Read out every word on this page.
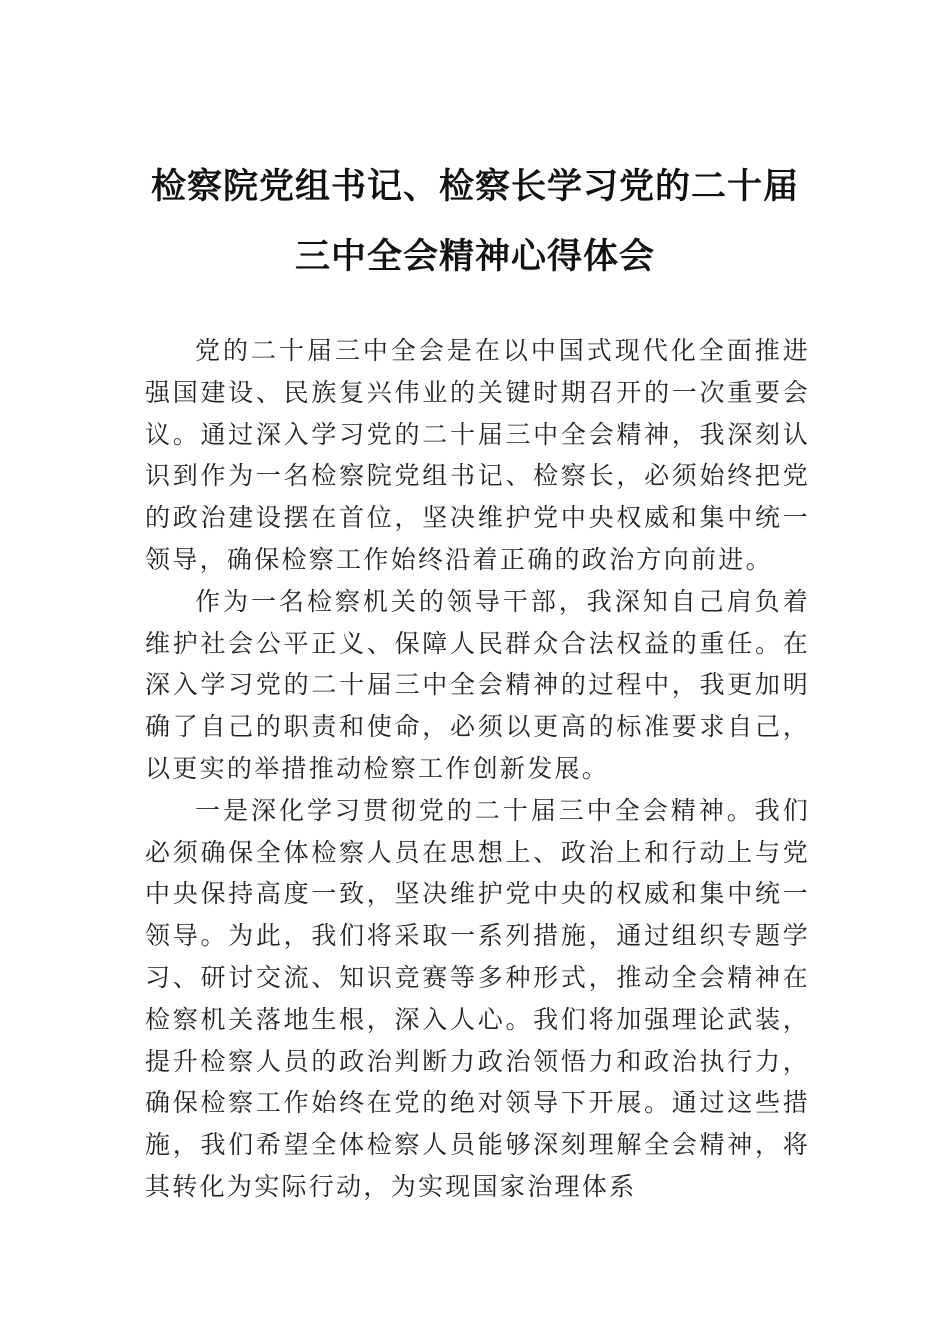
检察院党组书记、检察长学习党的二十届
三中全会精神心得体会

党的二十届三中全会是在以中国式现代化全面推进强国建设、民族复兴伟业的关键时期召开的一次重要会议。通过深入学习党的二十届三中全会精神，我深刻认识到作为一名检察院党组书记、检察长，必须始终把党的政治建设摆在首位，坚决维护党中央权威和集中统一领导，确保检察工作始终沿着正确的政治方向前进。

作为一名检察机关的领导干部，我深知自己肩负着维护社会公平正义、保障人民群众合法权益的重任。在深入学习党的二十届三中全会精神的过程中，我更加明确了自己的职责和使命，必须以更高的标准要求自己，以更实的举措推动检察工作创新发展。

一是深化学习贯彻党的二十届三中全会精神。我们必须确保全体检察人员在思想上、政治上和行动上与党中央保持高度一致，坚决维护党中央的权威和集中统一领导。为此，我们将采取一系列措施，通过组织专题学习、研讨交流、知识竞赛等多种形式，推动全会精神在检察机关落地生根，深入人心。我们将加强理论武装，提升检察人员的政治判断力政治领悟力和政治执行力，确保检察工作始终在党的绝对领导下开展。通过这些措施，我们希望全体检察人员能够深刻理解全会精神，将其转化为实际行动，为实现国家治理体系
